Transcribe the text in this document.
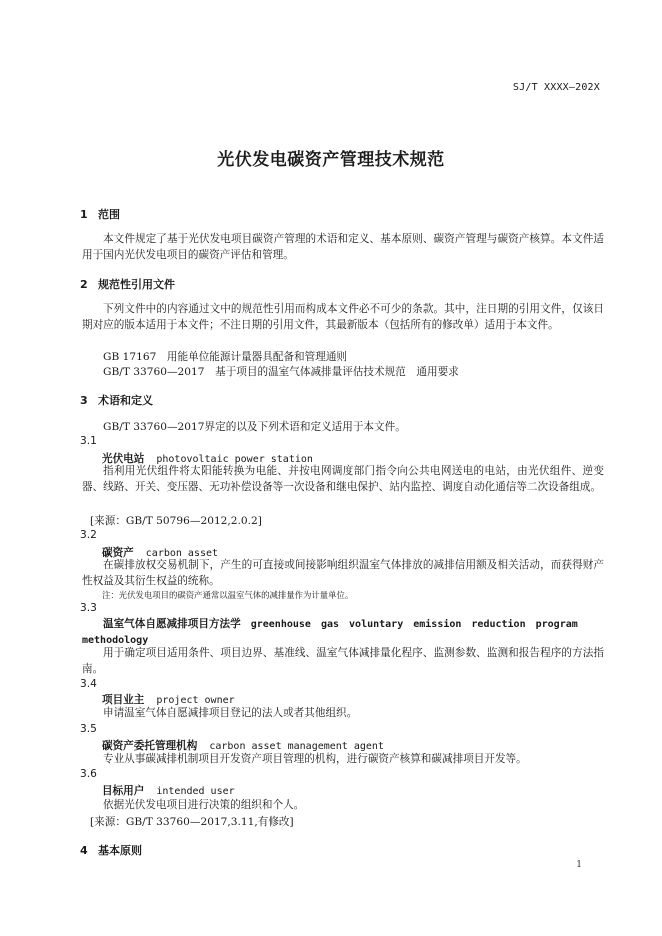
SJ/T XXXX—202X
光伏发电碳资产管理技术规范
1 范围

本文件规定了基于光伏发电项目碳资产管理的术语和定义、基本原则、碳资产管理与碳资产核算。本文件适用于国内光伏发电项目的碳资产评估和管理。

2 规范性引用文件

下列文件中的内容通过文中的规范性引用而构成本文件必不可少的条款。其中，注日期的引用文件，仅该日期对应的版本适用于本文件；不注日期的引用文件，其最新版本（包括所有的修改单）适用于本文件。

GB 17167　用能单位能源计量器具配备和管理通则
GB/T 33760—2017　基于项目的温室气体减排量评估技术规范　通用要求
3 术语和定义
GB/T 33760—2017界定的以及下列术语和定义适用于本文件。
3.1
光伏电站 photovoltaic power station

指利用光伏组件将太阳能转换为电能、并按电网调度部门指令向公共电网送电的电站，由光伏组件、逆变器、线路、开关、变压器、无功补偿设备等一次设备和继电保护、站内监控、调度自动化通信等二次设备组成。

[来源：GB/T 50796—2012,2.0.2]
3.2
碳资产 carbon asset

在碳排放权交易机制下，产生的可直接或间接影响组织温室气体排放的减排信用额及相关活动，而获得财产性权益及其衍生权益的统称。

注：光伏发电项目的碳资产通常以温室气体的减排量作为计量单位。
3.3

温室气体自愿减排项目方法学 greenhouse gas voluntary emission reduction program methodology

用于确定项目适用条件、项目边界、基准线、温室气体减排量化程序、监测参数、监测和报告程序的方法指南。

3.4
项目业主 project owner

申请温室气体自愿减排项目登记的法人或者其他组织。

3.5
碳资产委托管理机构 carbon asset management agent

专业从事碳减排机制项目开发资产项目管理的机构，进行碳资产核算和碳减排项目开发等。

3.6
目标用户 intended user

依据光伏发电项目进行决策的组织和个人。

[来源：GB/T 33760—2017,3.11,有修改]
4 基本原则
1
